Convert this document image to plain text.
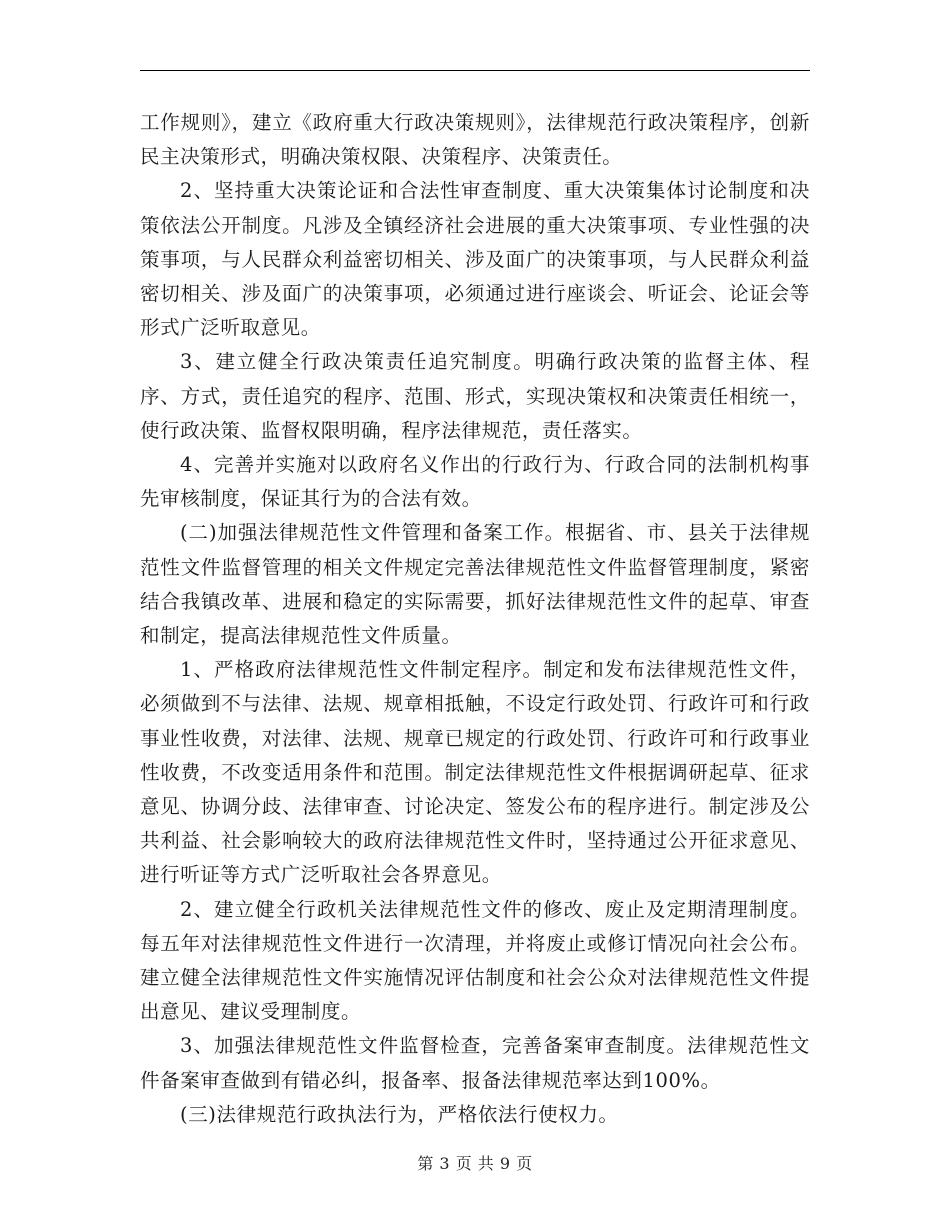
工作规则》，建立《政府重大行政决策规则》，法律规范行政决策程序，创新民主决策形式，明确决策权限、决策程序、决策责任。

2、坚持重大决策论证和合法性审查制度、重大决策集体讨论制度和决策依法公开制度。凡涉及全镇经济社会进展的重大决策事项、专业性强的决策事项，与人民群众利益密切相关、涉及面广的决策事项，与人民群众利益密切相关、涉及面广的决策事项，必须通过进行座谈会、听证会、论证会等形式广泛听取意见。

3、建立健全行政决策责任追究制度。明确行政决策的监督主体、程序、方式，责任追究的程序、范围、形式，实现决策权和决策责任相统一，使行政决策、监督权限明确，程序法律规范，责任落实。

4、完善并实施对以政府名义作出的行政行为、行政合同的法制机构事先审核制度，保证其行为的合法有效。

(二)加强法律规范性文件管理和备案工作。根据省、市、县关于法律规范性文件监督管理的相关文件规定完善法律规范性文件监督管理制度，紧密结合我镇改革、进展和稳定的实际需要，抓好法律规范性文件的起草、审查和制定，提高法律规范性文件质量。

1、严格政府法律规范性文件制定程序。制定和发布法律规范性文件，必须做到不与法律、法规、规章相抵触，不设定行政处罚、行政许可和行政事业性收费，对法律、法规、规章已规定的行政处罚、行政许可和行政事业性收费，不改变适用条件和范围。制定法律规范性文件根据调研起草、征求意见、协调分歧、法律审查、讨论决定、签发公布的程序进行。制定涉及公共利益、社会影响较大的政府法律规范性文件时，坚持通过公开征求意见、进行听证等方式广泛听取社会各界意见。

2、建立健全行政机关法律规范性文件的修改、废止及定期清理制度。每五年对法律规范性文件进行一次清理，并将废止或修订情况向社会公布。建立健全法律规范性文件实施情况评估制度和社会公众对法律规范性文件提出意见、建议受理制度。

3、加强法律规范性文件监督检查，完善备案审查制度。法律规范性文件备案审查做到有错必纠，报备率、报备法律规范率达到100%。

(三)法律规范行政执法行为，严格依法行使权力。

第 3 页 共 9 页
